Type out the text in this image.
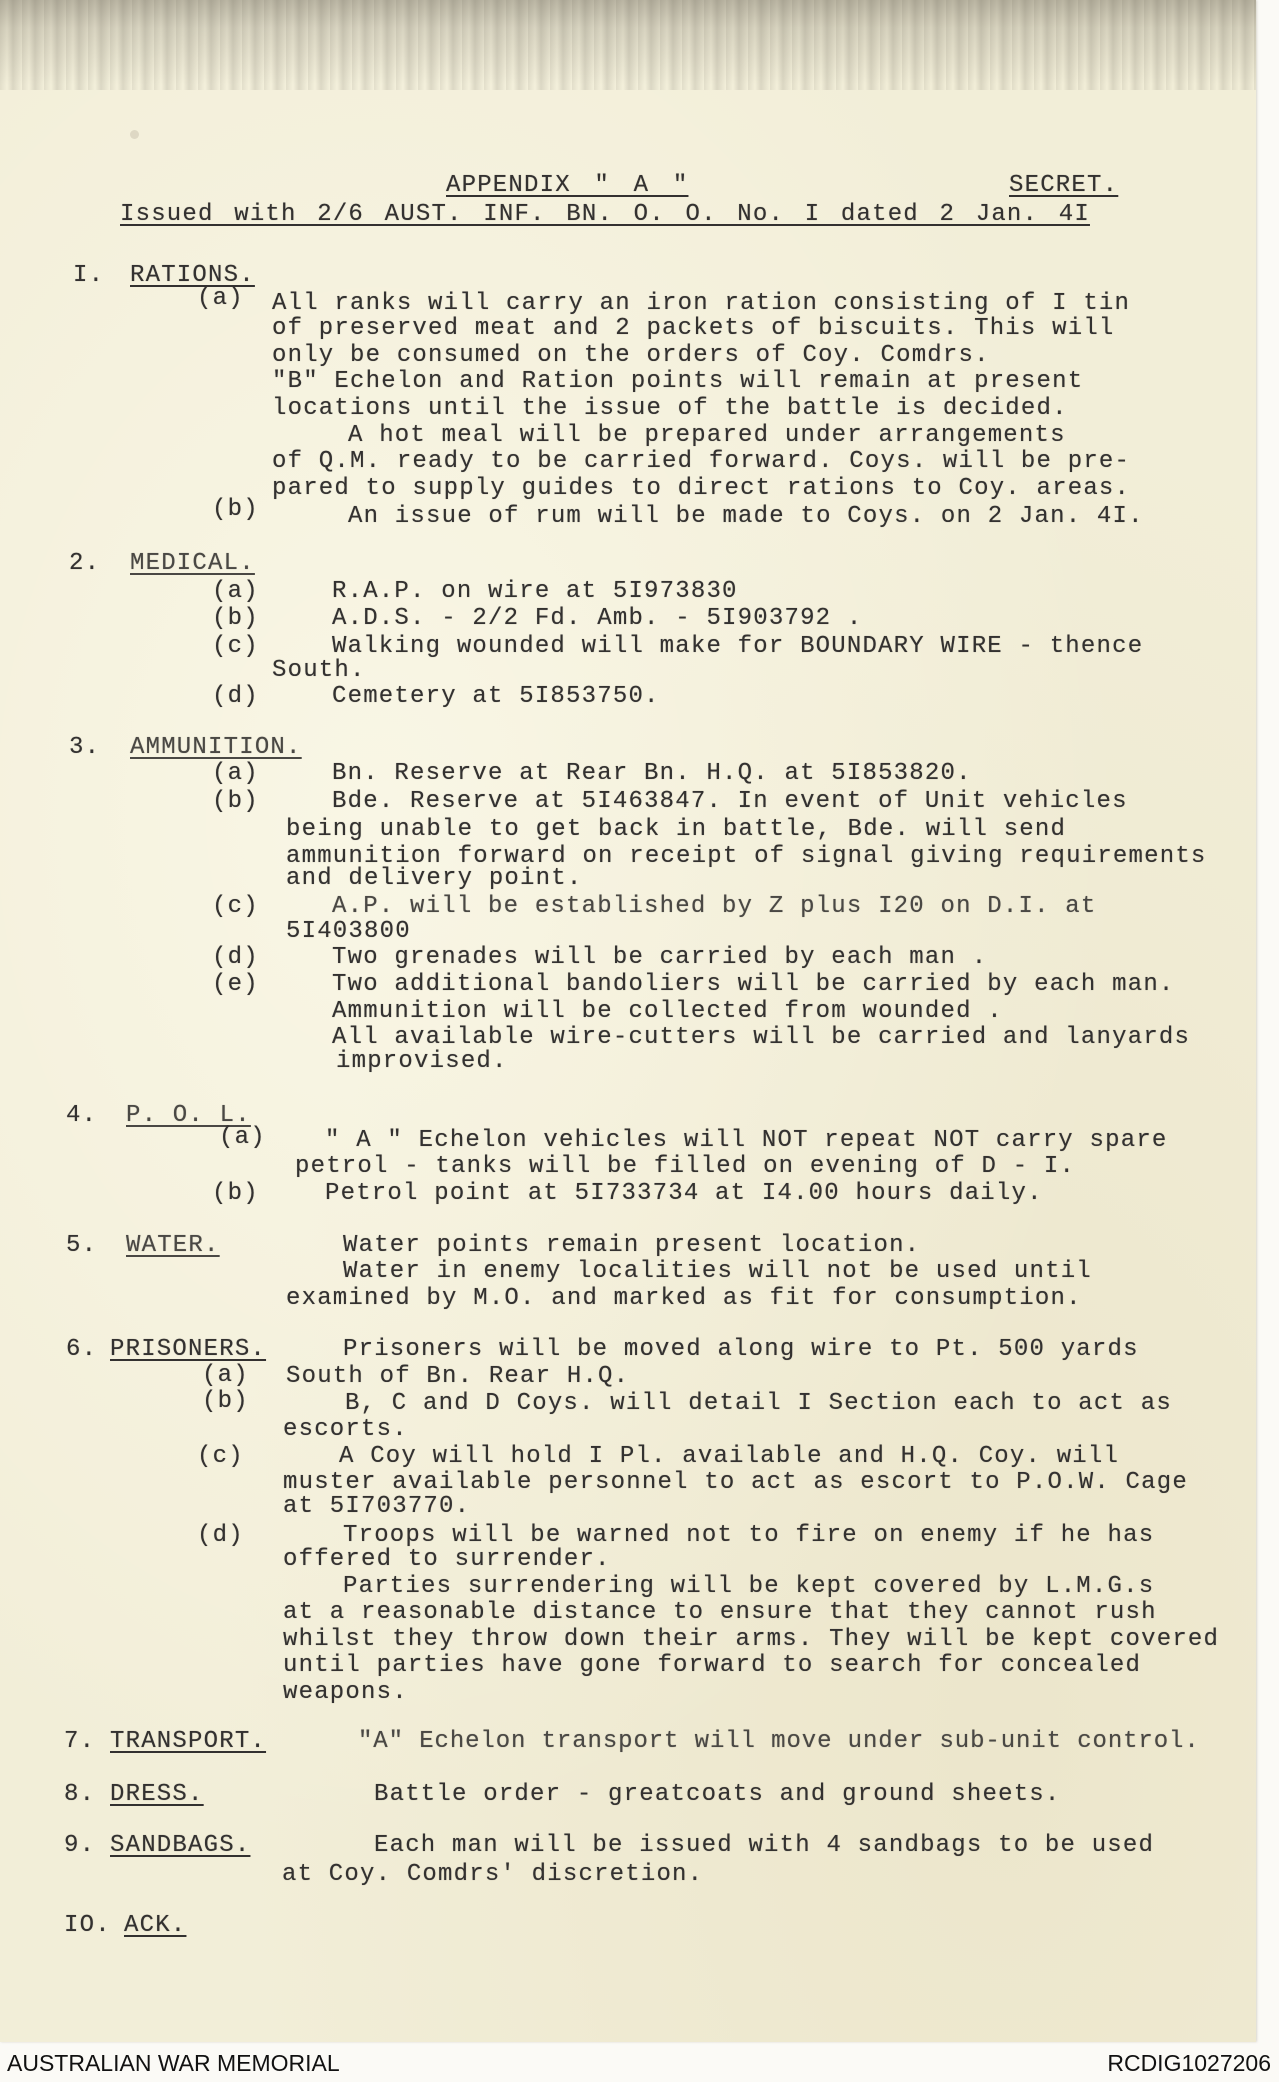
APPENDIX " A "	SECRET.
Issued with 2/6 AUST. INF. BN. O. O. No. I dated 2 Jan. 4I
I. RATIONS.
(a) All ranks will carry an iron ration consisting of I tin
of preserved meat and 2 packets of biscuits. This will
only be consumed on the orders of Coy. Comdrs.
"B" Echelon and Ration points will remain at present
locations until the issue of the battle is decided.
A hot meal will be prepared under arrangements
of Q.M. ready to be carried forward. Coys. will be pre-
pared to supply guides to direct rations to Coy. areas.
(b)	An issue of rum will be made to Coys. on 2 Jan. 4I.
2. MEDICAL.
(a)	R.A.P. on wire at 5I973830
(b)	A.D.S. - 2/2 Fd. Amb. - 5I903792 .
(c)	Walking wounded will make for BOUNDARY WIRE - thence
South.
(d)	Cemetery at 5I853750.
3. AMMUNITION.
(a)	Bn. Reserve at Rear Bn. H.Q. at 5I853820.
(b)	Bde. Reserve at 5I463847. In event of Unit vehicles
being unable to get back in battle, Bde. will send
ammunition forward on receipt of signal giving requirements
and delivery point.
(c)	A.P. will be established by Z plus I20 on D.I. at
5I403800
(d)	Two grenades will be carried by each man .
(e)	Two additional bandoliers will be carried by each man.
Ammunition will be collected from wounded .
All available wire-cutters will be carried and lanyards
improvised.
4. P. O. L.
(a) " A " Echelon vehicles will NOT repeat NOT carry spare
petrol - tanks will be filled on evening of D - I.
(b)	Petrol point at 5I733734 at I4.00 hours daily.
5. WATER.	Water points remain present location.
Water in enemy localities will not be used until
examined by M.O. and marked as fit for consumption.
6. PRISONERS.	Prisoners will be moved along wire to Pt. 500 yards
(a) South of Bn. Rear H.Q.
(b)	B, C and D Coys. will detail I Section each to act as
escorts.
(c)	A Coy will hold I Pl. available and H.Q. Coy. will
muster available personnel to act as escort to P.O.W. Cage
at 5I703770.
(d)	Troops will be warned not to fire on enemy if he has
offered to surrender.
Parties surrendering will be kept covered by L.M.G.s
at a reasonable distance to ensure that they cannot rush
whilst they throw down their arms. They will be kept covered
until parties have gone forward to search for concealed
weapons.
7. TRANSPORT.	"A" Echelon transport will move under sub-unit control.
8. DRESS.	Battle order - greatcoats and ground sheets.
9. SANDBAGS.	Each man will be issued with 4 sandbags to be used
at Coy. Comdrs' discretion.
IO. ACK.
AUSTRALIAN WAR MEMORIAL	RCDIG1027206
